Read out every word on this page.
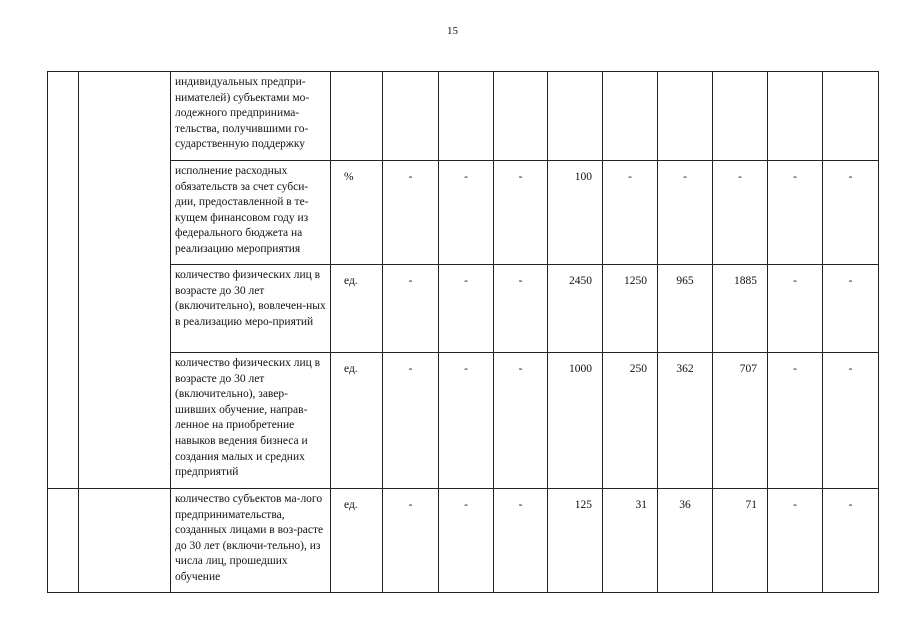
15
		индивидуальных предпри-нимателей) субъектами мо-лодежного предпринима-тельства, получившими го-сударственную поддержку										
		исполнение расходных обязательств за счет субси-дии, предоставленной в те-кущем финансовом году из федерального бюджета на реализацию мероприятия	%	-	-	-	100	-	-	-	-	-
		количество физических лиц в возрасте до 30 лет (включительно), вовлечен-ных в реализацию меро-приятий	ед.	-	-	-	2450	1250	965	1885	-	-
		количество физических лиц в возрасте до 30 лет (включительно), завер-шивших обучение, направ-ленное на приобретение навыков ведения бизнеса и создания малых и средних предприятий	ед.	-	-	-	1000	250	362	707	-	-
		количество субъектов ма-лого предпринимательства, созданных лицами в воз-расте до 30 лет (включи-тельно), из числа лиц, прошедших обучение	ед.	-	-	-	125	31	36	71	-	-
